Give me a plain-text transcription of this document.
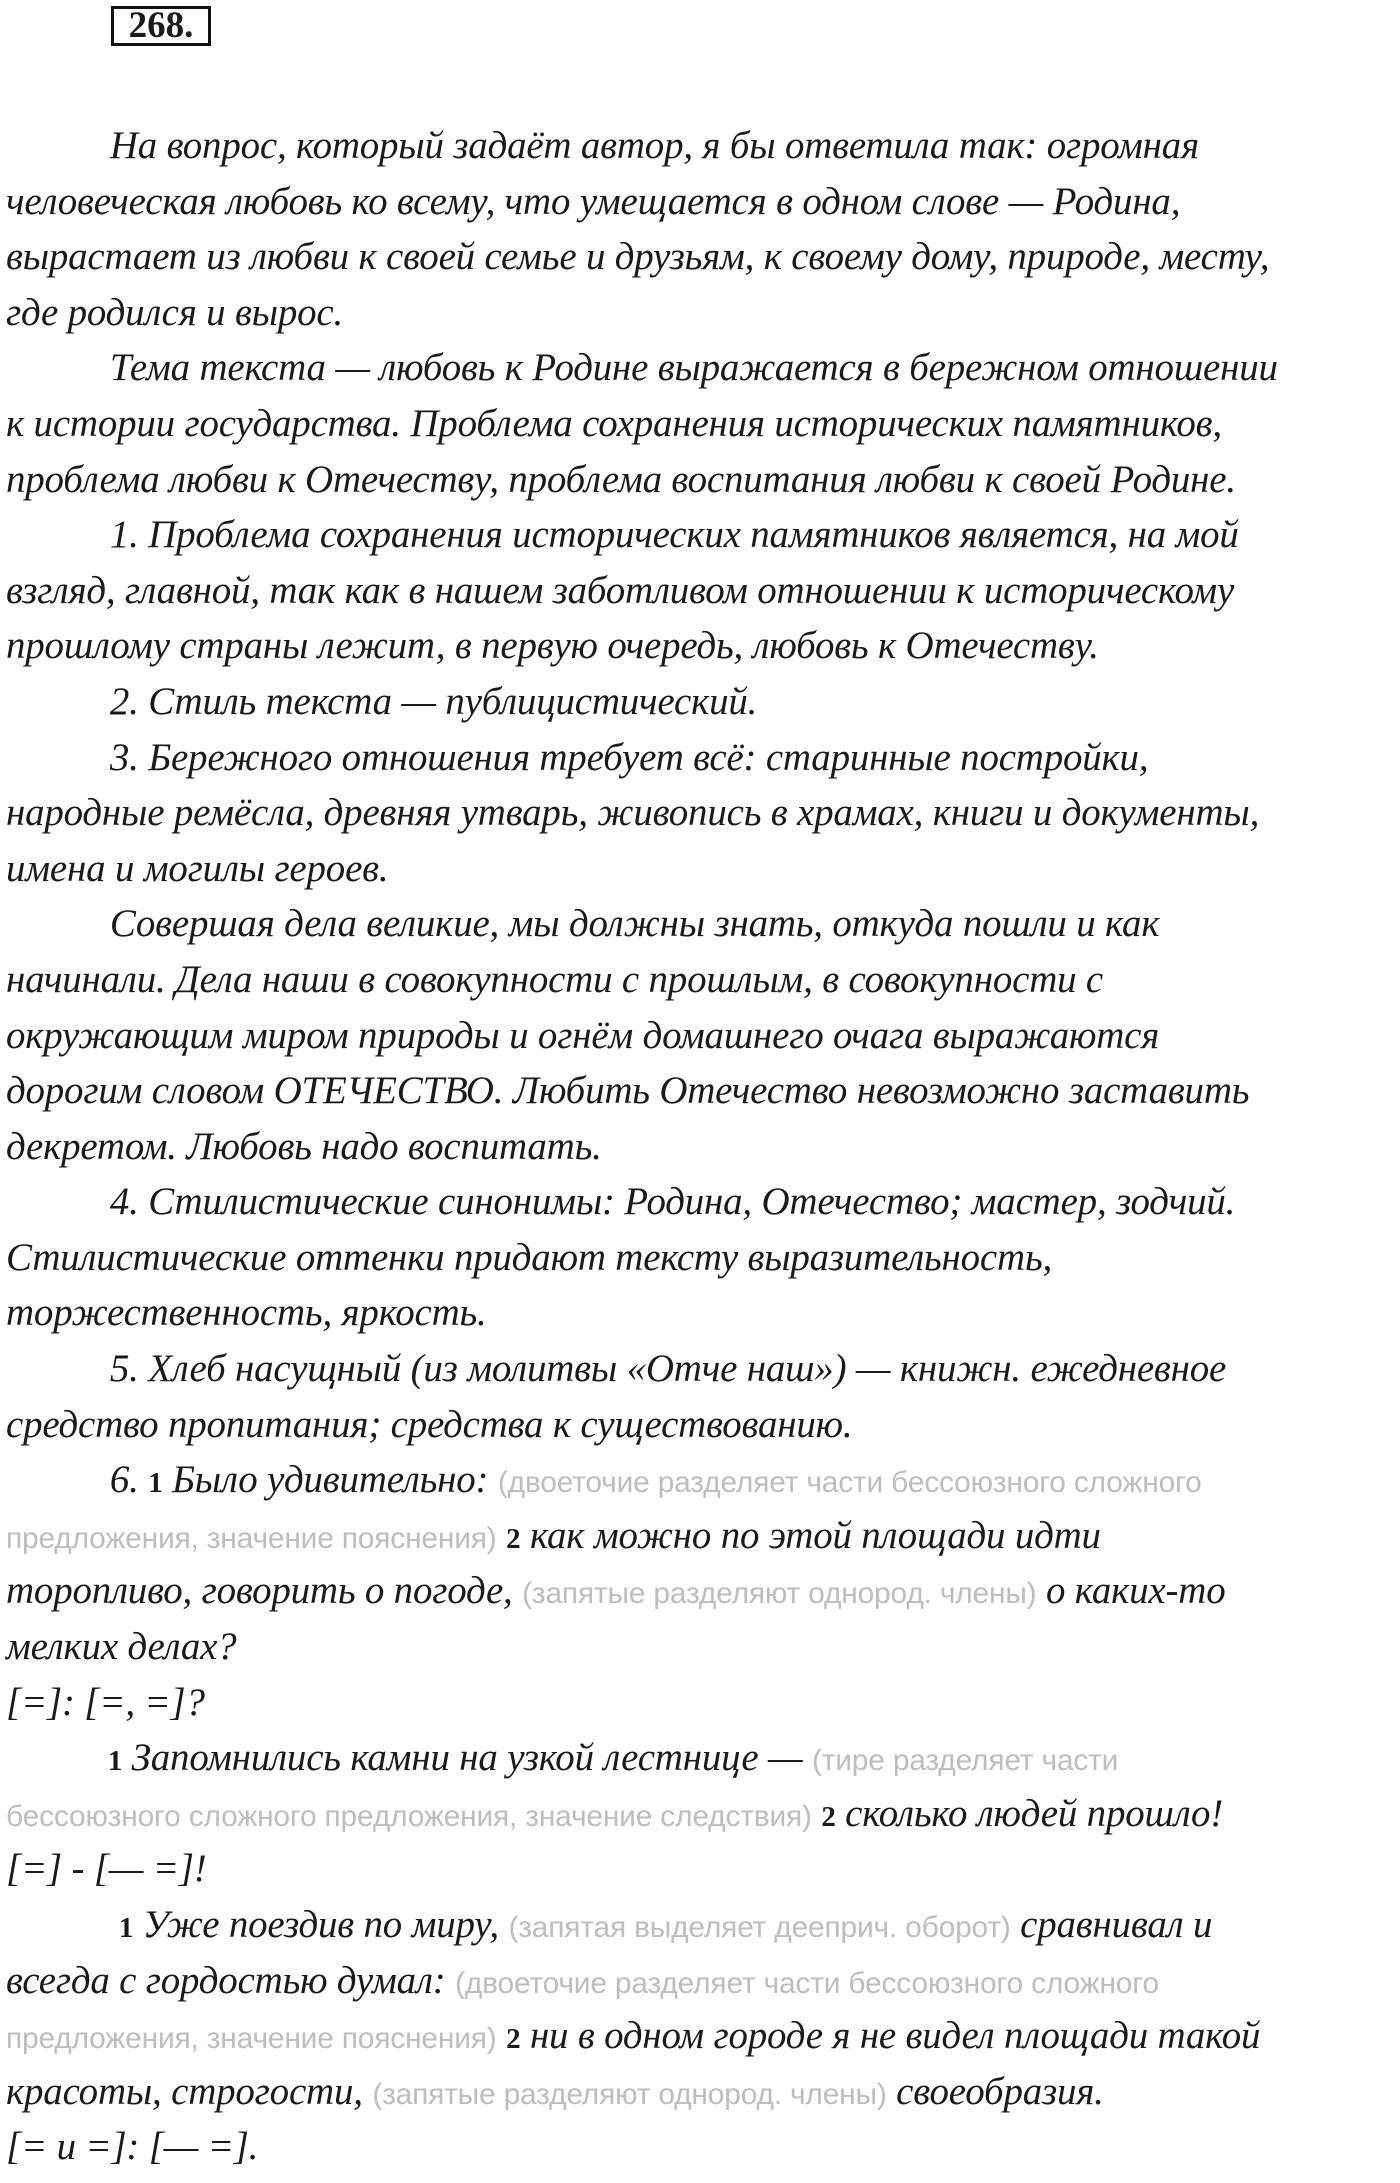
268.
На вопрос, который задаёт автор, я бы ответила так: огромная
человеческая любовь ко всему, что умещается в одном слове — Родина,
вырастает из любви к своей семье и друзьям, к своему дому, природе, месту,
где родился и вырос.
Тема текста — любовь к Родине выражается в бережном отношении
к истории государства. Проблема сохранения исторических памятников,
проблема любви к Отечеству, проблема воспитания любви к своей Родине.
1. Проблема сохранения исторических памятников является, на мой
взгляд, главной, так как в нашем заботливом отношении к историческому
прошлому страны лежит, в первую очередь, любовь к Отечеству.
2. Стиль текста — публицистический.
3. Бережного отношения требует всё: старинные постройки,
народные ремёсла, древняя утварь, живопись в храмах, книги и документы,
имена и могилы героев.
Совершая дела великие, мы должны знать, откуда пошли и как
начинали. Дела наши в совокупности с прошлым, в совокупности с
окружающим миром природы и огнём домашнего очага выражаются
дорогим словом ОТЕЧЕСТВО. Любить Отечество невозможно заставить
декретом. Любовь надо воспитать.
4. Стилистические синонимы: Родина, Отечество; мастер, зодчий.
Стилистические оттенки придают тексту выразительность,
торжественность, яркость.
5. Хлеб насущный (из молитвы «Отче наш») — книжн. ежедневное
средство пропитания; средства к существованию.
6. 1 Было удивительно: (двоеточие разделяет части бессоюзного сложного
предложения, значение пояснения) 2 как можно по этой площади идти
торопливо, говорить о погоде, (запятые разделяют однород. члены) о каких-то
мелких делах?
[=]: [=, =]?
1 Запомнились камни на узкой лестнице — (тире разделяет части
бессоюзного сложного предложения, значение следствия) 2 сколько людей прошло!
[=] - [— =]!
1 Уже поездив по миру, (запятая выделяет дееприч. оборот) сравнивал и
всегда с гордостью думал: (двоеточие разделяет части бессоюзного сложного
предложения, значение пояснения) 2 ни в одном городе я не видел площади такой
красоты, строгости, (запятые разделяют однород. члены) своеобразия.
[= и =]: [— =].
